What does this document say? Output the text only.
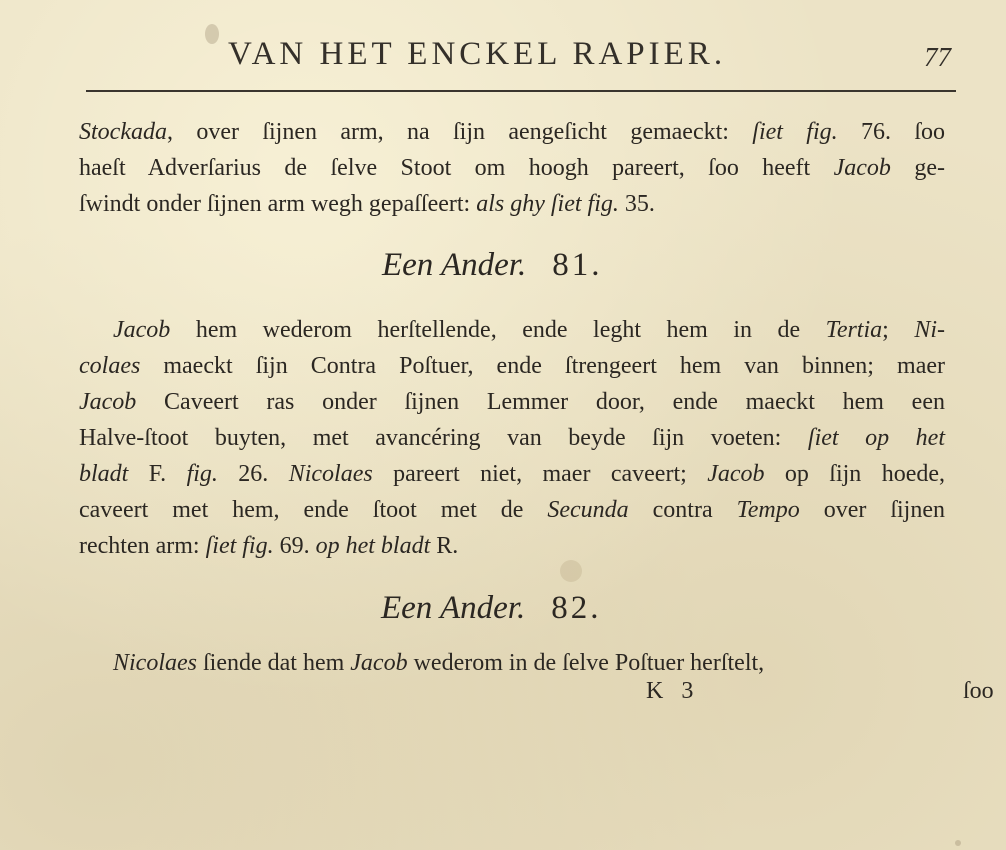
VAN HET ENCKEL RAPIER.	77
Stockada, over ſijnen arm, na ſijn aengeſicht gemaeckt: ſiet fig. 76. ſoo
haeſt Adverſarius de ſelve Stoot om hoogh pareert, ſoo heeft Jacob ge-
ſwindt onder ſijnen arm wegh gepaſſeert: als ghy ſiet fig. 35.
Een Ander. 81.
Jacob hem wederom herſtellende, ende leght hem in de Tertia; Ni-
colaes maeckt ſijn Contra Poſtuer, ende ſtrengeert hem van binnen; maer
Jacob Caveert ras onder ſijnen Lemmer door, ende maeckt hem een
Halve-ſtoot buyten, met avancéring van beyde ſijn voeten: ſiet op het
bladt F. fig. 26. Nicolaes pareert niet, maer caveert; Jacob op ſijn hoede,
caveert met hem, ende ſtoot met de Secunda contra Tempo over ſijnen
rechten arm: ſiet fig. 69. op het bladt R.
Een Ander. 82.
Nicolaes ſiende dat hem Jacob wederom in de ſelve Poſtuer herſtelt,
K 3	ſoo
